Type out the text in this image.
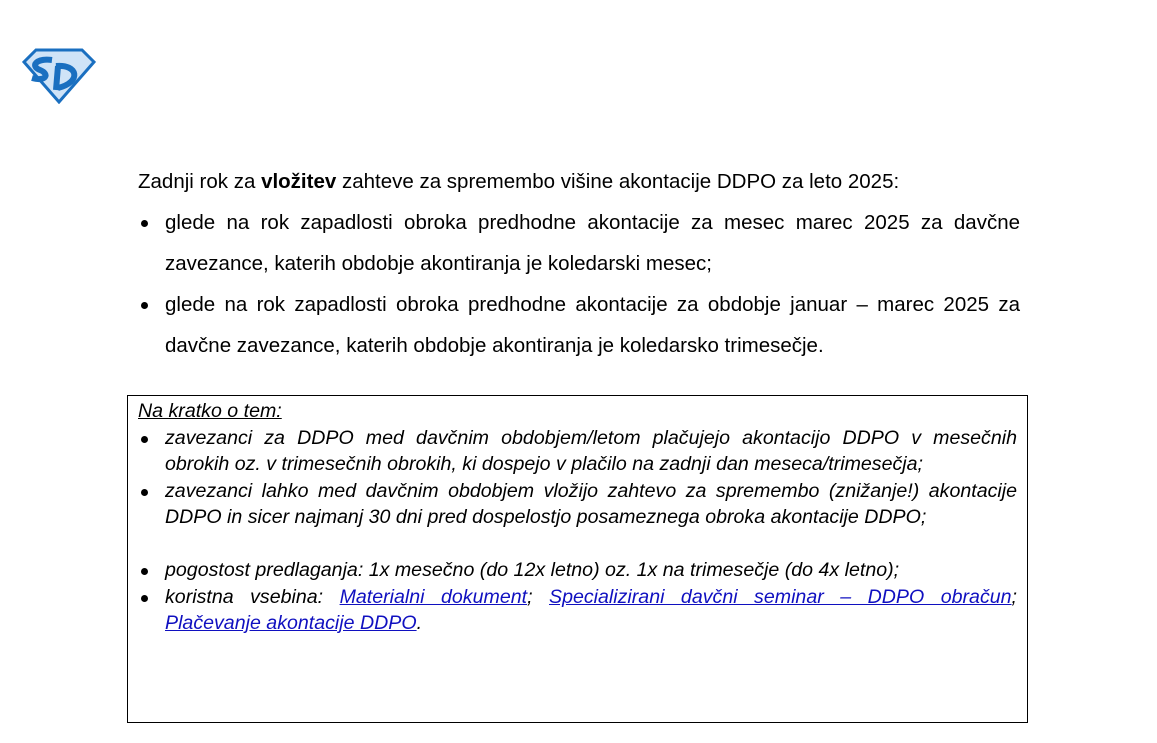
Zadnji rok za vložitev zahteve za spremembo višine akontacije DDPO za leto 2025:

glede na rok zapadlosti obroka predhodne akontacije za mesec marec 2025 za davčne zavezance, katerih obdobje akontiranja je koledarski mesec;
glede na rok zapadlosti obroka predhodne akontacije za obdobje januar – marec 2025 za davčne zavezance, katerih obdobje akontiranja je koledarsko trimesečje.
Na kratko o tem:
zavezanci za DDPO med davčnim obdobjem/letom plačujejo akontacijo DDPO v mesečnih obrokih oz. v trimesečnih obrokih, ki dospejo v plačilo na zadnji dan meseca/trimesečja;
zavezanci lahko med davčnim obdobjem vložijo zahtevo za spremembo (znižanje!) akontacije DDPO in sicer najmanj 30 dni pred dospelostjo posameznega obroka akontacije DDPO;
pogostost predlaganja: 1x mesečno (do 12x letno) oz. 1x na trimesečje (do 4x letno);
koristna vsebina: Materialni dokument; Specializirani davčni seminar – DDPO obračun; Plačevanje akontacije DDPO.
